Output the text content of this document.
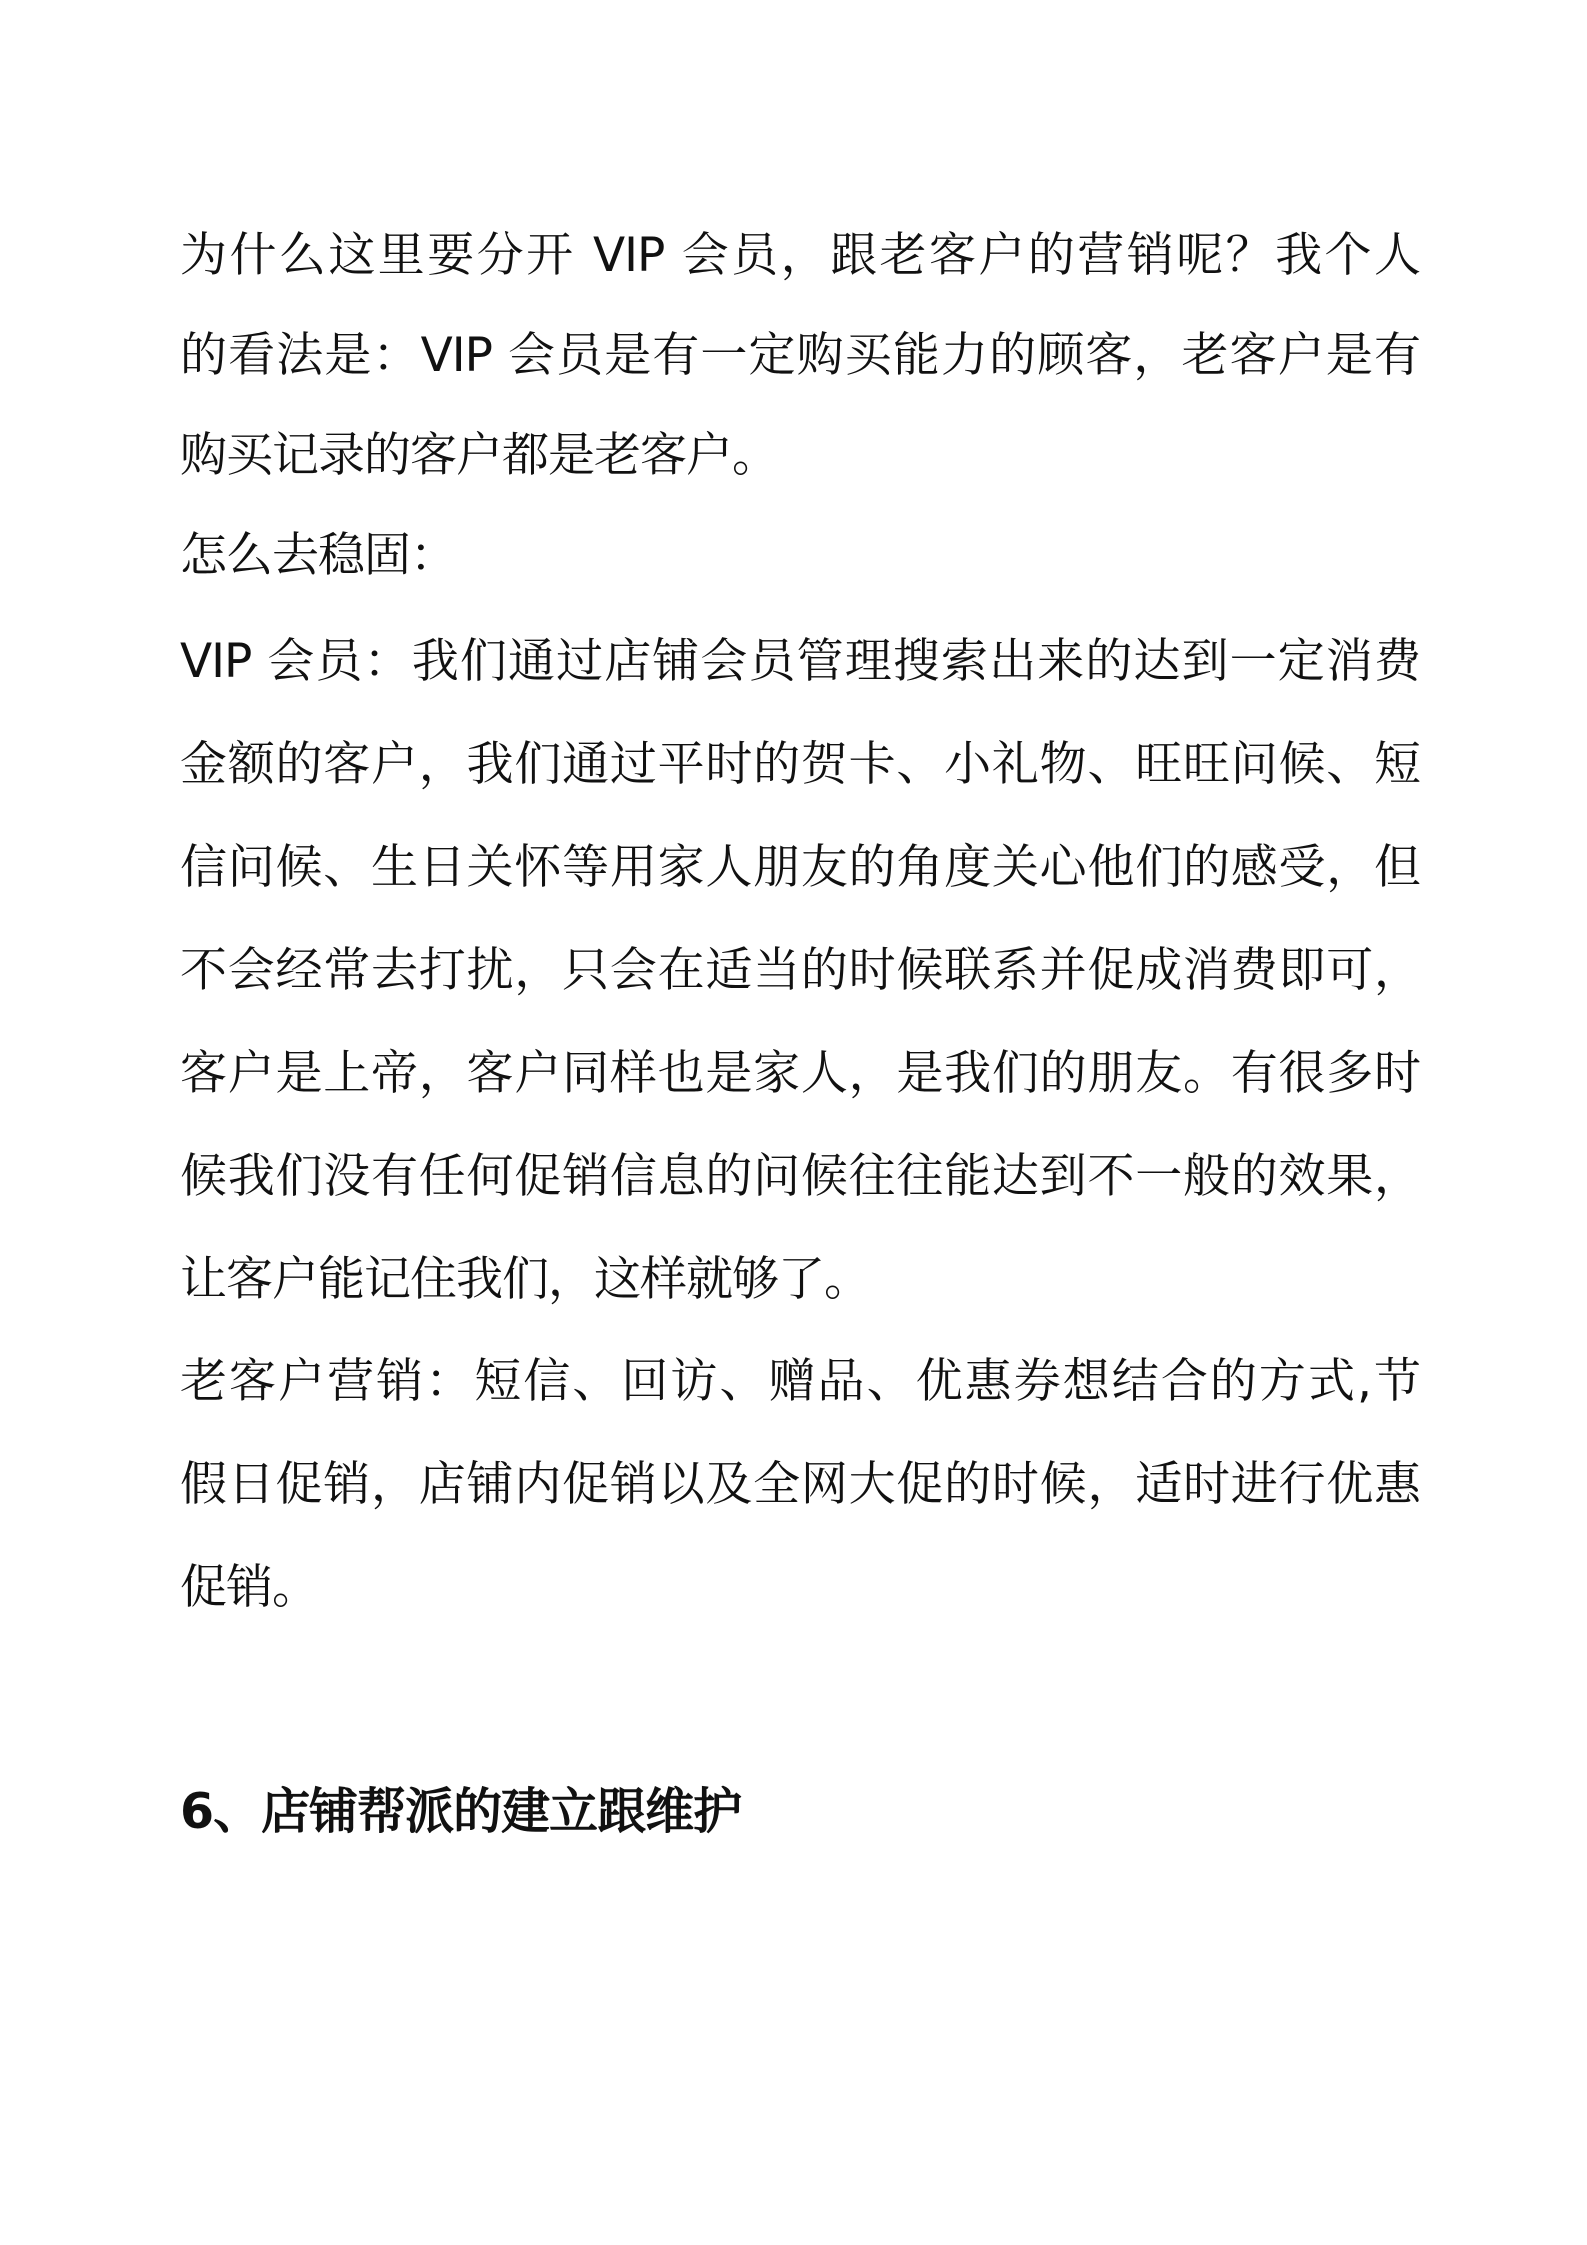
为什么这里要分开 VIP 会员，跟老客户的营销呢？我个人
的看法是：VIP 会员是有一定购买能力的顾客，老客户是有
购买记录的客户都是老客户。
怎么去稳固：
VIP 会员：我们通过店铺会员管理搜索出来的达到一定消费
金额的客户，我们通过平时的贺卡、小礼物、旺旺问候、短
信问候、生日关怀等用家人朋友的角度关心他们的感受，但
不会经常去打扰，只会在适当的时候联系并促成消费即可，
客户是上帝，客户同样也是家人，是我们的朋友。有很多时
候我们没有任何促销信息的问候往往能达到不一般的效果，
让客户能记住我们，这样就够了。
老客户营销：短信、回访、赠品、优惠券想结合的方式,节
假日促销，店铺内促销以及全网大促的时候，适时进行优惠
促销。
6、店铺帮派的建立跟维护
